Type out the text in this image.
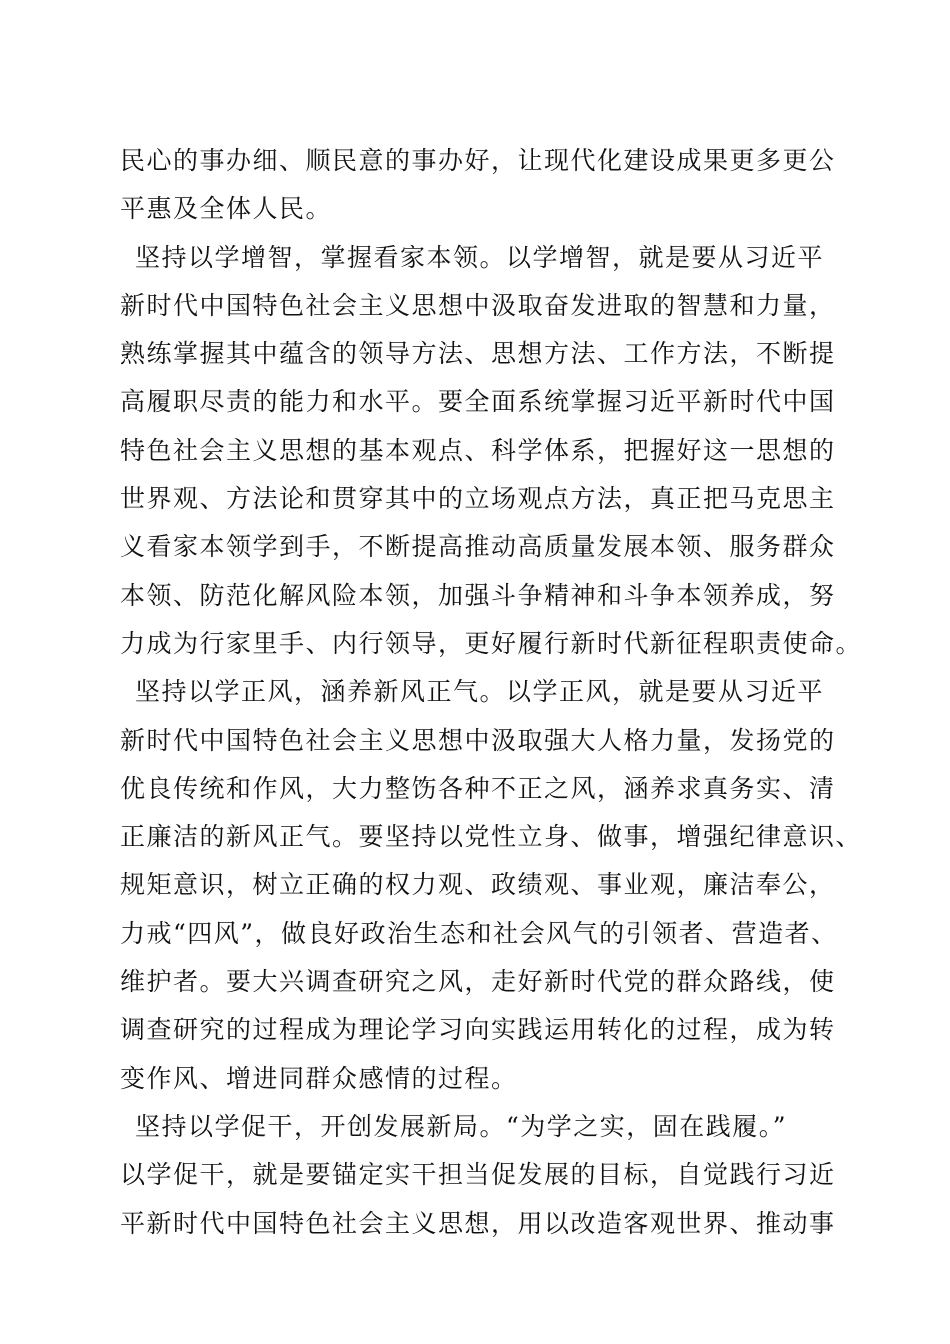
民心的事办细、顺民意的事办好，让现代化建设成果更多更公
平惠及全体人民。
坚持以学增智，掌握看家本领。以学增智，就是要从习近平
新时代中国特色社会主义思想中汲取奋发进取的智慧和力量，
熟练掌握其中蕴含的领导方法、思想方法、工作方法，不断提
高履职尽责的能力和水平。要全面系统掌握习近平新时代中国
特色社会主义思想的基本观点、科学体系，把握好这一思想的
世界观、方法论和贯穿其中的立场观点方法，真正把马克思主
义看家本领学到手，不断提高推动高质量发展本领、服务群众
本领、防范化解风险本领，加强斗争精神和斗争本领养成，努
力成为行家里手、内行领导，更好履行新时代新征程职责使命。
坚持以学正风，涵养新风正气。以学正风，就是要从习近平
新时代中国特色社会主义思想中汲取强大人格力量，发扬党的
优良传统和作风，大力整饬各种不正之风，涵养求真务实、清
正廉洁的新风正气。要坚持以党性立身、做事，增强纪律意识、
规矩意识，树立正确的权力观、政绩观、事业观，廉洁奉公，
力戒“四风”，做良好政治生态和社会风气的引领者、营造者、
维护者。要大兴调查研究之风，走好新时代党的群众路线，使
调查研究的过程成为理论学习向实践运用转化的过程，成为转
变作风、增进同群众感情的过程。
坚持以学促干，开创发展新局。“为学之实，固在践履。”
以学促干，就是要锚定实干担当促发展的目标，自觉践行习近
平新时代中国特色社会主义思想，用以改造客观世界、推动事
